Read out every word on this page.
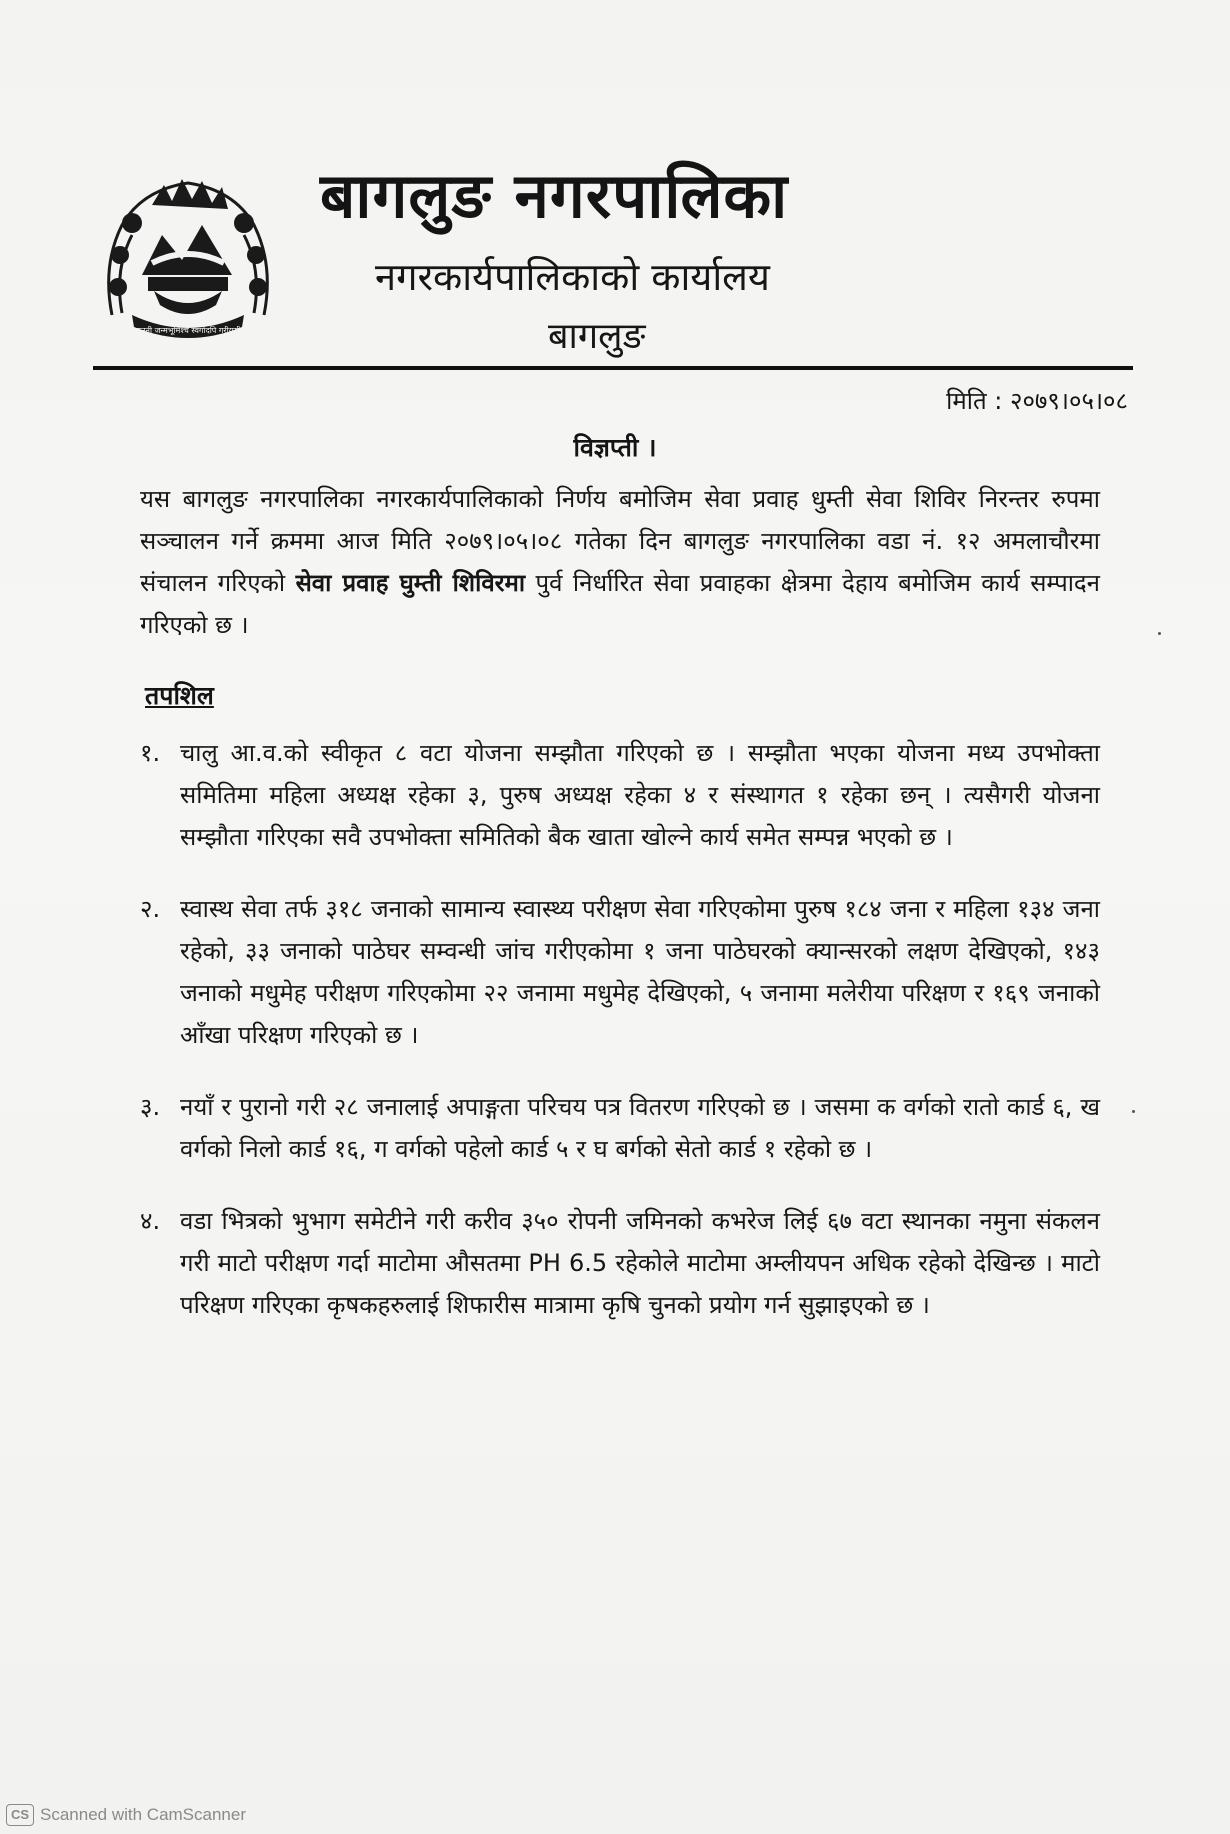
जननी जन्मभूमिश्च स्वर्गादपि गरीयसी
बागलुङ नगरपालिका
नगरकार्यपालिकाको कार्यालय
बागलुङ
मिति : २०७९।०५।०८
विज्ञप्ती ।
यस बागलुङ नगरपालिका नगरकार्यपालिकाको निर्णय बमोजिम सेवा प्रवाह धुम्ती सेवा शिविर निरन्तर रुपमा सञ्चालन गर्ने क्रममा आज मिति २०७९।०५।०८ गतेका दिन बागलुङ नगरपालिका वडा नं. १२ अमलाचौरमा संचालन गरिएको सेवा प्रवाह घुम्ती शिविरमा पुर्व निर्धारित सेवा प्रवाहका क्षेत्रमा देहाय बमोजिम कार्य सम्पादन गरिएको छ ।
तपशिल
१. चालु आ.व.को स्वीकृत ८ वटा योजना सम्झौता गरिएको छ । सम्झौता भएका योजना मध्य उपभोक्ता समितिमा महिला अध्यक्ष रहेका ३, पुरुष अध्यक्ष रहेका ४ र संस्थागत १ रहेका छन् । त्यसैगरी योजना सम्झौता गरिएका सवै उपभोक्ता समितिको बैक खाता खोल्ने कार्य समेत सम्पन्न भएको छ ।
२. स्वास्थ सेवा तर्फ ३१८ जनाको सामान्य स्वास्थ्य परीक्षण सेवा गरिएकोमा पुरुष १८४ जना र महिला १३४ जना रहेको, ३३ जनाको पाठेघर सम्वन्धी जांच गरीएकोमा १ जना पाठेघरको क्यान्सरको लक्षण देखिएको, १४३ जनाको मधुमेह परीक्षण गरिएकोमा २२ जनामा मधुमेह देखिएको, ५ जनामा मलेरीया परिक्षण र १६९ जनाको आँखा परिक्षण गरिएको छ ।
३. नयाँ र पुरानो गरी २८ जनालाई अपाङ्गता परिचय पत्र वितरण गरिएको छ । जसमा क वर्गको रातो कार्ड ६, ख वर्गको निलो कार्ड १६, ग वर्गको पहेलो कार्ड ५ र घ बर्गको सेतो कार्ड १ रहेको छ ।
४. वडा भित्रको भुभाग समेटीने गरी करीव ३५० रोपनी जमिनको कभरेज लिई ६७ वटा स्थानका नमुना संकलन गरी माटो परीक्षण गर्दा माटोमा औसतमा PH 6.5 रहेकोले माटोमा अम्लीयपन अधिक रहेको देखिन्छ । माटो परिक्षण गरिएका कृषकहरुलाई शिफारीस मात्रामा कृषि चुनको प्रयोग गर्न सुझाइएको छ ।
CS Scanned with CamScanner
